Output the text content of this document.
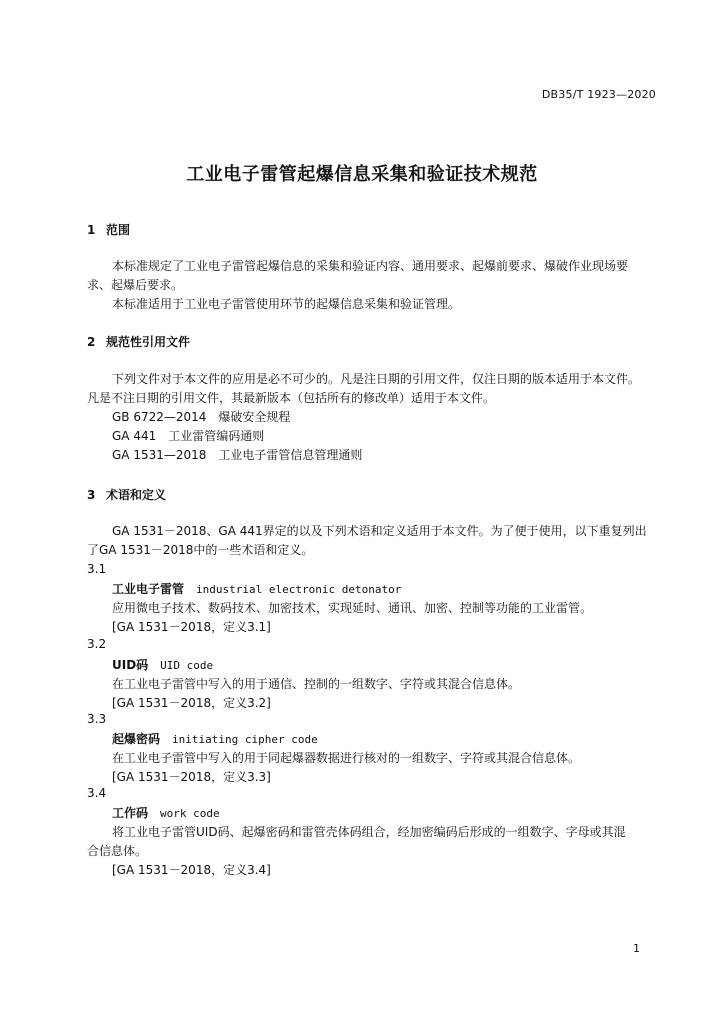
DB35/T 1923—2020
工业电子雷管起爆信息采集和验证技术规范
1 范围
本标准规定了工业电子雷管起爆信息的采集和验证内容、通用要求、起爆前要求、爆破作业现场要
求、起爆后要求。
本标准适用于工业电子雷管使用环节的起爆信息采集和验证管理。
2 规范性引用文件
下列文件对于本文件的应用是必不可少的。凡是注日期的引用文件，仅注日期的版本适用于本文件。
凡是不注日期的引用文件，其最新版本（包括所有的修改单）适用于本文件。
GB 6722—2014　爆破安全规程
GA 441　工业雷管编码通则
GA 1531—2018　工业电子雷管信息管理通则
3 术语和定义
GA 1531－2018、GA 441界定的以及下列术语和定义适用于本文件。为了便于使用，以下重复列出
了GA 1531－2018中的一些术语和定义。
3.1
工业电子雷管 industrial electronic detonator
应用微电子技术、数码技术、加密技术，实现延时、通讯、加密、控制等功能的工业雷管。
[GA 1531－2018，定义3.1]
3.2
UID码 UID code
在工业电子雷管中写入的用于通信、控制的一组数字、字符或其混合信息体。
[GA 1531－2018，定义3.2]
3.3
起爆密码 initiating cipher code
在工业电子雷管中写入的用于同起爆器数据进行核对的一组数字、字符或其混合信息体。
[GA 1531－2018，定义3.3]
3.4
工作码 work code
将工业电子雷管UID码、起爆密码和雷管壳体码组合，经加密编码后形成的一组数字、字母或其混
合信息体。
[GA 1531－2018，定义3.4]
1
